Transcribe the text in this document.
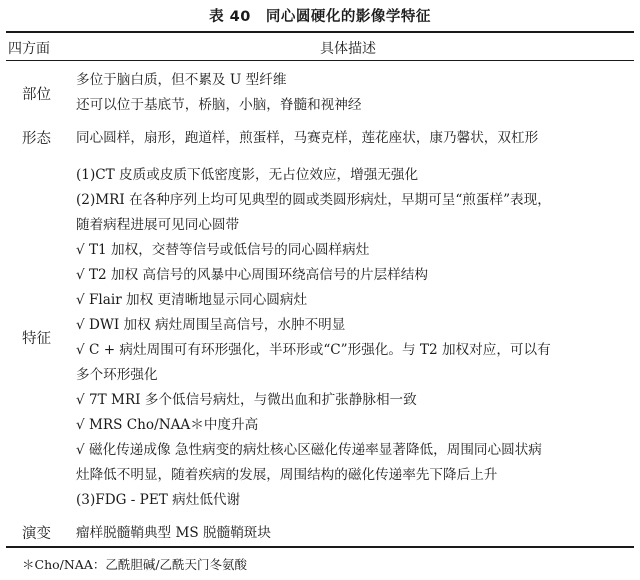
表 40　同心圆硬化的影像学特征
四方面	具体描述
部位
多位于脑白质，但不累及 U 型纤维
还可以位于基底节，桥脑，小脑，脊髓和视神经
形态 同心圆样，扇形，跑道样，煎蛋样，马赛克样，莲花座状，康乃馨状，双杠形
特征
(1)CT 皮质或皮质下低密度影，无占位效应，增强无强化
(2)MRI 在各种序列上均可见典型的圆或类圆形病灶，早期可呈“煎蛋样”表现，
随着病程进展可见同心圆带
√ T1 加权，交替等信号或低信号的同心圆样病灶
√ T2 加权 高信号的风暴中心周围环绕高信号的片层样结构
√ Flair 加权 更清晰地显示同心圆病灶
√ DWI 加权 病灶周围呈高信号，水肿不明显
√ C + 病灶周围可有环形强化，半环形或“C”形强化。与 T2 加权对应，可以有
多个环形强化
√ 7T MRI 多个低信号病灶，与微出血和扩张静脉相一致
√ MRS Cho/NAA＊中度升高
√ 磁化传递成像 急性病变的病灶核心区磁化传递率显著降低，周围同心圆状病
灶降低不明显，随着疾病的发展，周围结构的磁化传递率先下降后上升
(3)FDG - PET 病灶低代谢
演变 瘤样脱髓鞘典型 MS 脱髓鞘斑块
＊Cho/NAA：乙酰胆碱/乙酰天门冬氨酸
